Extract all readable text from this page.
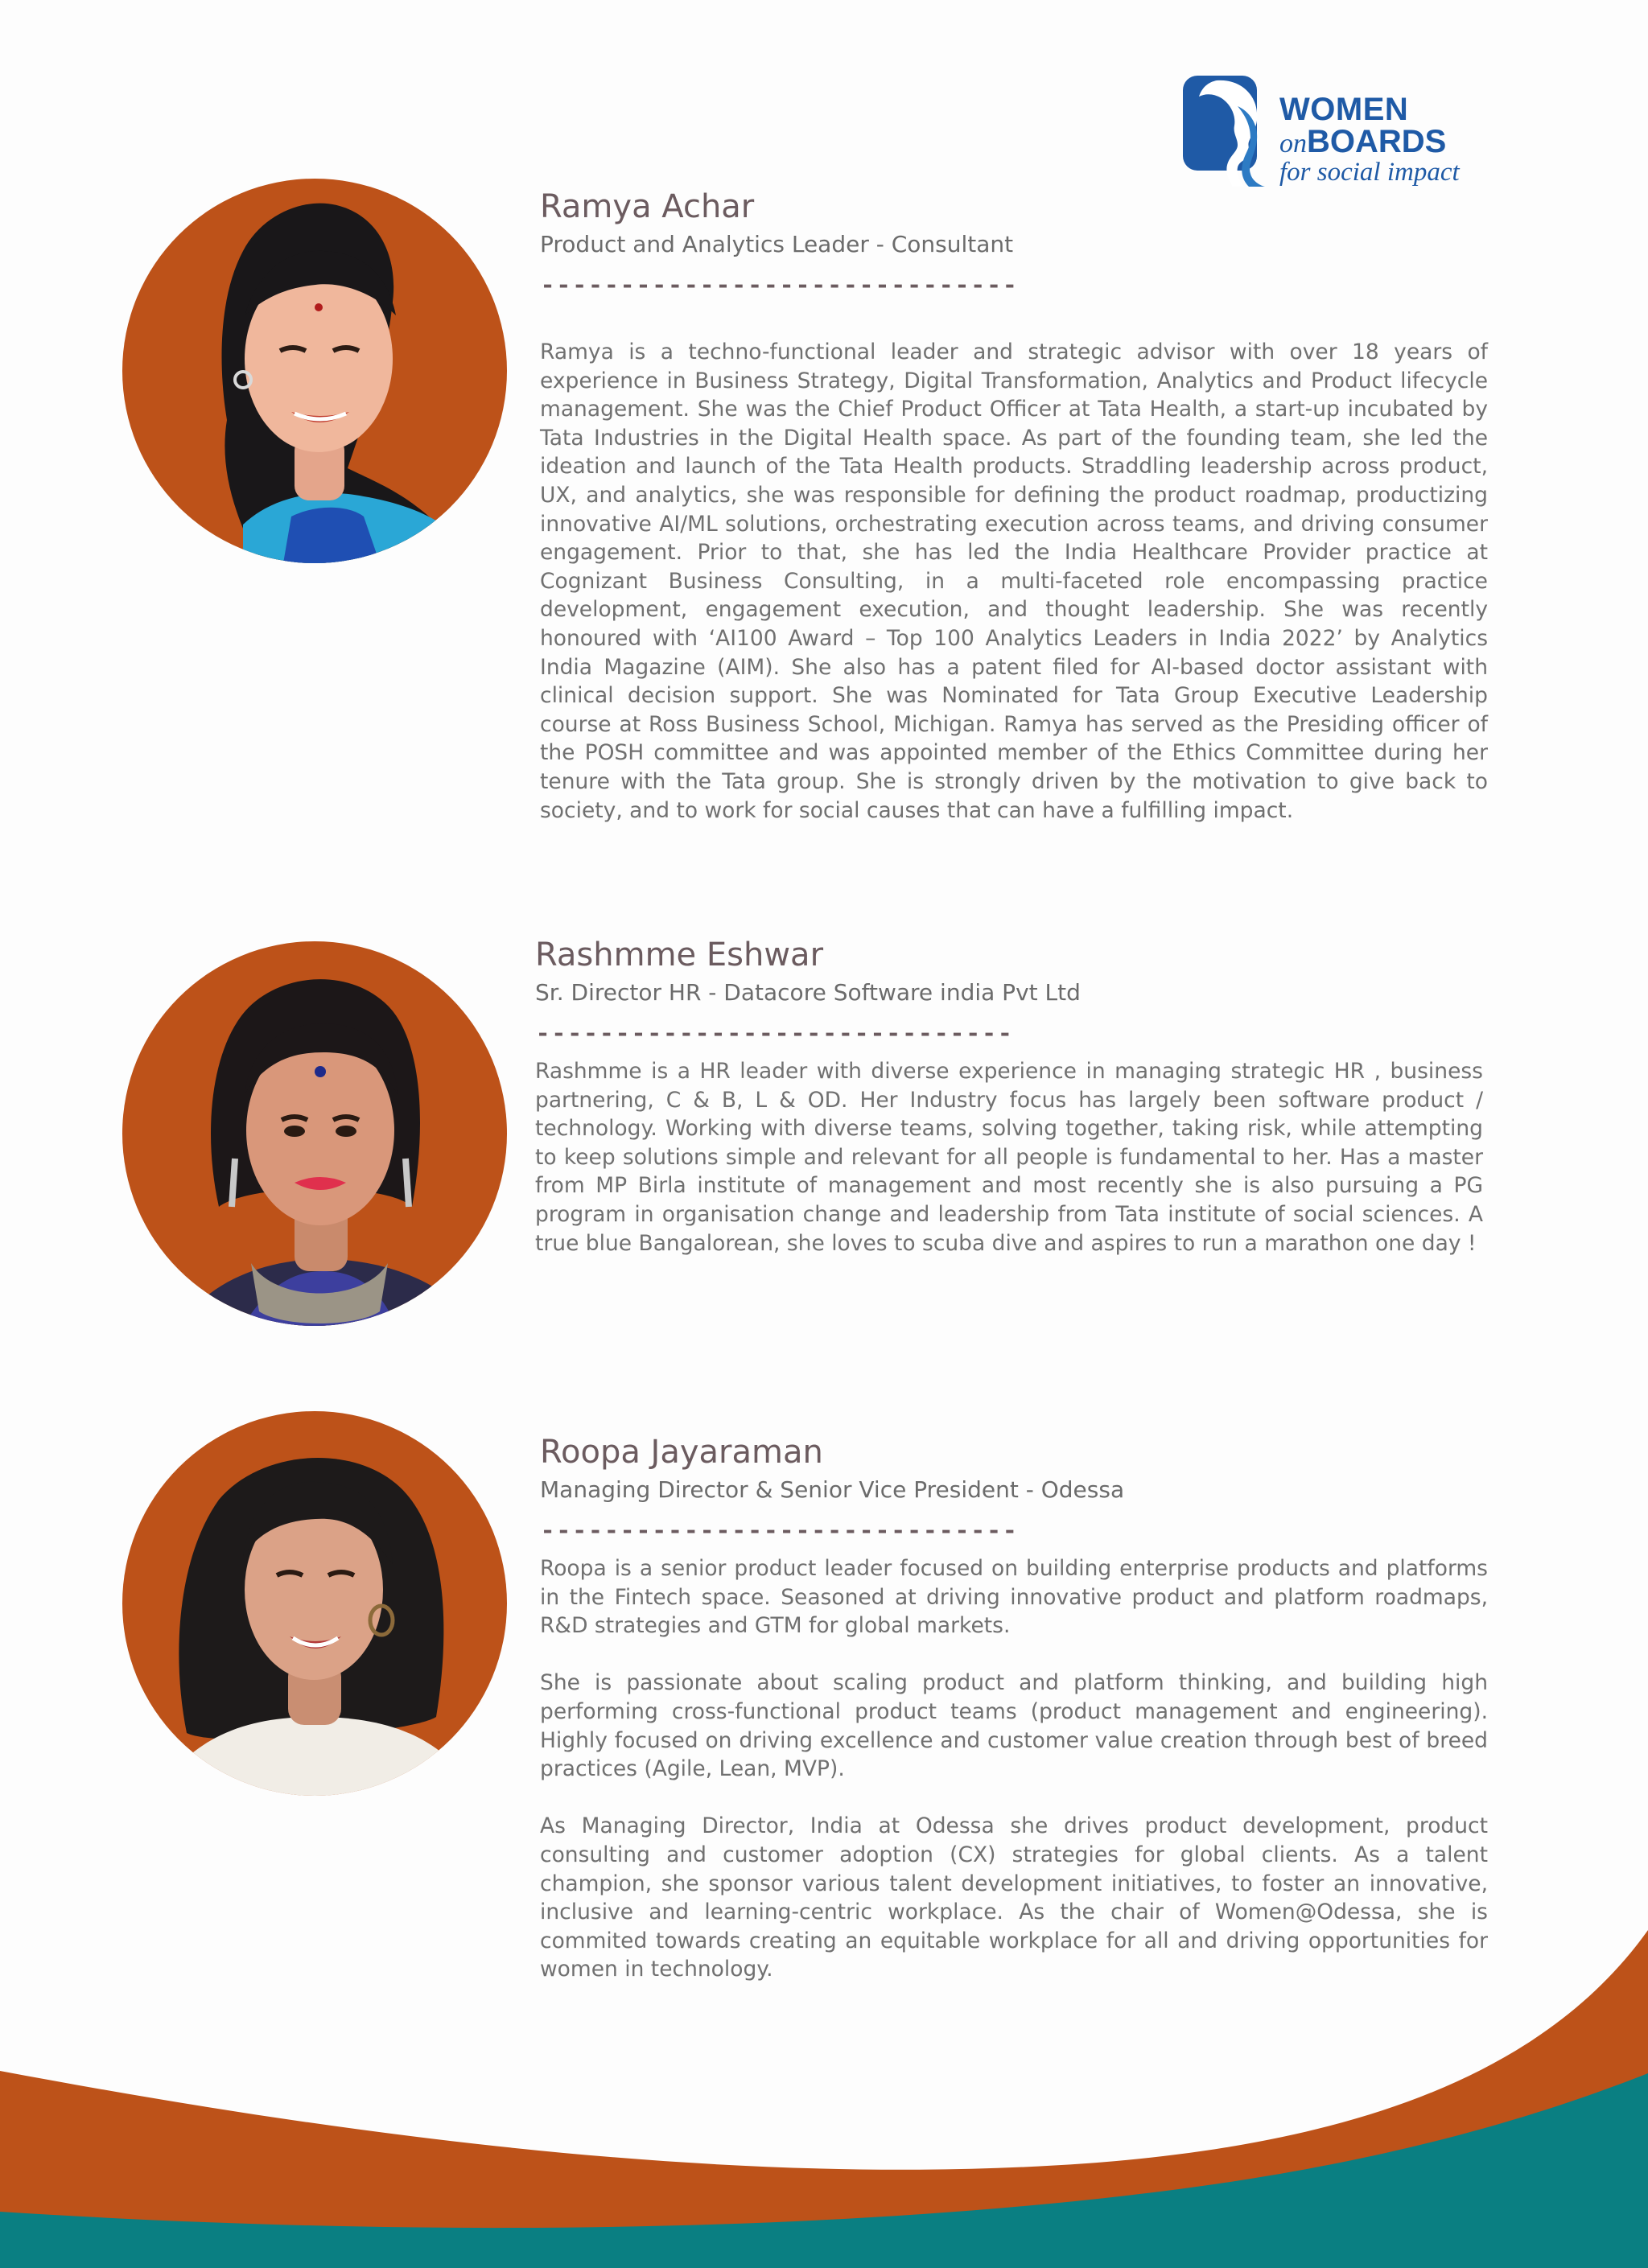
WOMEN
onBOARDS
for social impact
Ramya Achar
Product and Analytics Leader - Consultant
------------------------------

Ramya is a techno-functional leader and strategic advisor with over 18 years of experience in Business Strategy, Digital Transformation, Analytics and Product lifecycle management. She was the Chief Product Officer at Tata Health, a start-up incubated by Tata Industries in the Digital Health space. As part of the founding team, she led the ideation and launch of the Tata Health products. Straddling leadership across product, UX, and analytics, she was responsible for defining the product roadmap, productizing innovative AI/ML solutions, orchestrating execution across teams, and driving consumer engagement. Prior to that, she has led the India Healthcare Provider practice at Cognizant Business Consulting, in a multi-faceted role encompassing practice development, engagement execution, and thought leadership. She was recently honoured with ‘AI100 Award – Top 100 Analytics Leaders in India 2022’ by Analytics India Magazine (AIM). She also has a patent filed for AI-based doctor assistant with clinical decision support. She was Nominated for Tata Group Executive Leadership course at Ross Business School, Michigan. Ramya has served as the Presiding officer of the POSH committee and was appointed member of the Ethics Committee during her tenure with the Tata group. She is strongly driven by the motivation to give back to society, and to work for social causes that can have a fulfilling impact.

Rashmme Eshwar
Sr. Director HR - Datacore Software india Pvt Ltd
------------------------------

Rashmme is a HR leader with diverse experience in managing strategic HR , business partnering, C & B, L & OD. Her Industry focus has largely been software product / technology. Working with diverse teams, solving together, taking risk, while attempting to keep solutions simple and relevant for all people is fundamental to her. Has a master from MP Birla institute of management and most recently she is also pursuing a PG program in organisation change and leadership from Tata institute of social sciences. A true blue Bangalorean, she loves to scuba dive and aspires to run a marathon one day !

Roopa Jayaraman
Managing Director & Senior Vice President - Odessa
------------------------------

Roopa is a senior product leader focused on building enterprise products and platforms in the Fintech space. Seasoned at driving innovative product and platform roadmaps, R&D strategies and GTM for global markets.

She is passionate about scaling product and platform thinking, and building high performing cross-functional product teams (product management and engineering). Highly focused on driving excellence and customer value creation through best of breed practices (Agile, Lean, MVP).

As Managing Director, India at Odessa she drives product development, product consulting and customer adoption (CX) strategies for global clients. As a talent champion, she sponsor various talent development initiatives, to foster an innovative, inclusive and learning-centric workplace. As the chair of Women@Odessa, she is commited towards creating an equitable workplace for all and driving opportunities for women in technology.
